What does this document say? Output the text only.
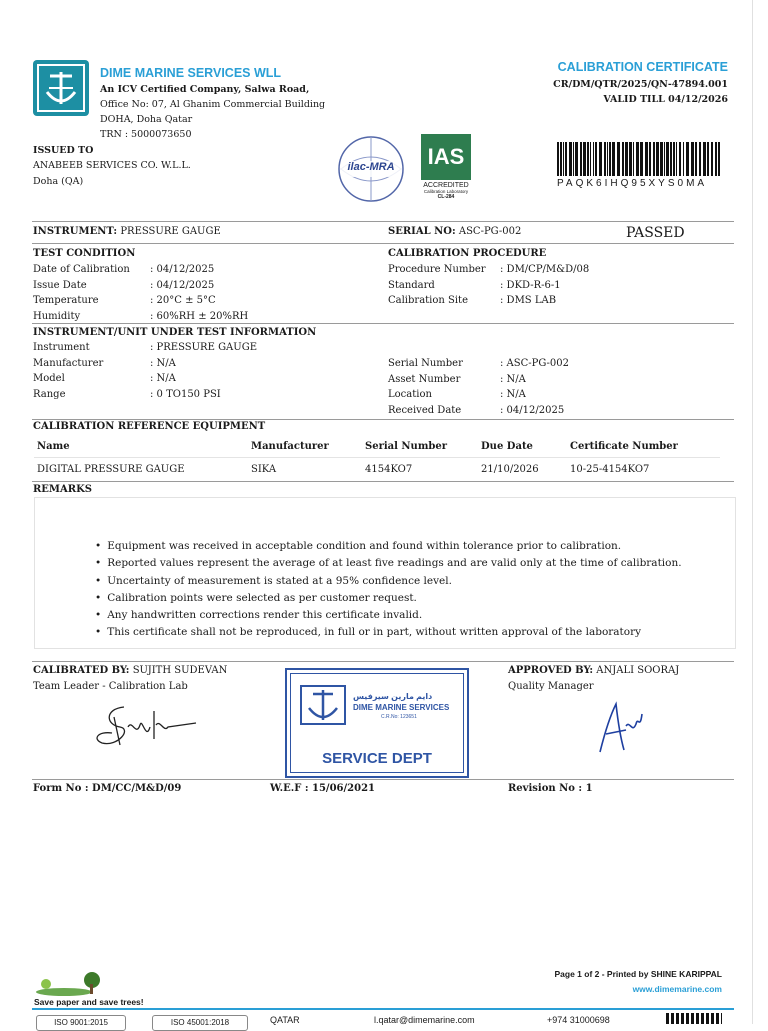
DIME MARINE SERVICES WLL
An ICV Certified Company, Salwa Road,
Office No: 07, Al Ghanim Commercial Building
DOHA, Doha Qatar
TRN : 5000073650
CALIBRATION CERTIFICATE
CR/DM/QTR/2025/QN-47894.001
VALID TILL 04/12/2026
ISSUED TO
ANABEEB SERVICES CO. W.L.L.
Doha (QA)
ilac-MRA	IAS
ACCREDITED
Calibration Laboratory
CL-284
PAQK6IHQ95XYS0MA
INSTRUMENT: PRESSURE GAUGE	SERIAL NO: ASC-PG-002	PASSED
TEST CONDITION
Date of Calibration : 04/12/2025
Issue Date	: 04/12/2025
Temperature	: 20°C ± 5°C
Humidity	: 60%RH ± 20%RH
CALIBRATION PROCEDURE
Procedure Number : DM/CP/M&D/08
Standard	: DKD-R-6-1
Calibration Site	: DMS LAB
INSTRUMENT/UNIT UNDER TEST INFORMATION
Instrument	: PRESSURE GAUGE
Manufacturer	: N/A
Model	: N/A
Range	: 0 TO150 PSI
Serial Number	: ASC-PG-002
Asset Number	: N/A
Location	: N/A
Received Date	: 04/12/2025
CALIBRATION REFERENCE EQUIPMENT
Name	Manufacturer	Serial Number	Due Date	Certificate Number
DIGITAL PRESSURE GAUGE	SIKA	4154KO7	21/10/2026	10-25-4154KO7
REMARKS
• Equipment was received in acceptable condition and found within tolerance prior to calibration.
• Reported values represent the average of at least five readings and are valid only at the time of calibration.
• Uncertainty of measurement is stated at a 95% confidence level.
• Calibration points were selected as per customer request.
• Any handwritten corrections render this certificate invalid.
• This certificate shall not be reproduced, in full or in part, without written approval of the laboratory
CALIBRATED BY: SUJITH SUDEVAN
Team Leader - Calibration Lab
دايم مارين سيرفيس
DIME MARINE SERVICES
C.R.No: 123651
SERVICE DEPT
APPROVED BY: ANJALI SOORAJ
Quality Manager
Form No : DM/CC/M&D/09	W.E.F : 15/06/2021	Revision No : 1
Save paper and save trees!
Page 1 of 2 - Printed by SHINE KARIPPAL
www.dimemarine.com
ISO 9001:2015	ISO 45001:2018	QATAR	l.qatar@dimemarine.com	+974 31000698
